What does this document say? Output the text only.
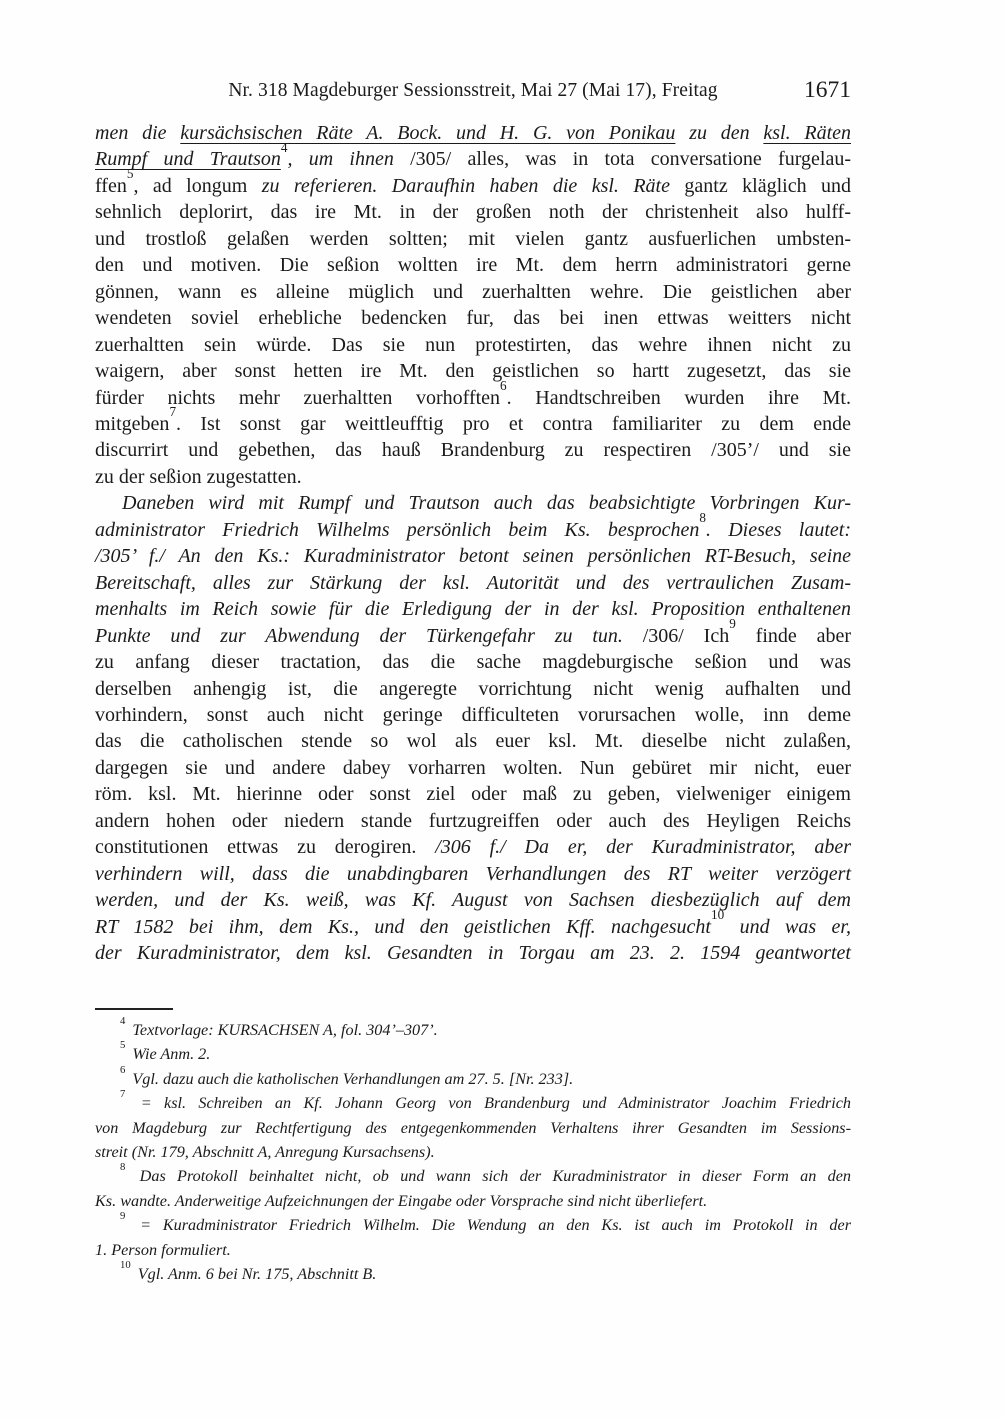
Nr. 318 Magdeburger Sessionsstreit, Mai 27 (Mai 17), Freitag	1671
men die kursächsischen Räte A. Bock. und H. G. von Ponikau zu den ksl. Räten
Rumpf und Trautson$^4$, um ihnen /305/ alles, was in tota conversatione furgelau-
ffen$^5$, ad longum zu referieren. Daraufhin haben die ksl. Räte gantz kläglich und
sehnlich deplorirt, das ire Mt. in der großen noth der christenheit also hulff-
und trostloß gelaßen werden soltten; mit vielen gantz ausfuerlichen umbsten-
den und motiven. Die seßion woltten ire Mt. dem herrn administratori gerne
gönnen, wann es alleine müglich und zuerhaltten wehre. Die geistlichen aber
wendeten soviel erhebliche bedencken fur, das bei inen ettwas weitters nicht
zuerhaltten sein würde. Das sie nun protestirten, das wehre ihnen nicht zu
waigern, aber sonst hetten ire Mt. den geistlichen so hartt zugesetzt, das sie
fürder nichts mehr zuerhaltten vorhofften$^6$. Handtschreiben wurden ihre Mt.
mitgeben$^7$. Ist sonst gar weittleufftig pro et contra familiariter zu dem ende
discurrirt und gebethen, das hauß Brandenburg zu respectiren /305’/ und sie
zu der seßion zugestatten.
Daneben wird mit Rumpf und Trautson auch das beabsichtigte Vorbringen Kur-
administrator Friedrich Wilhelms persönlich beim Ks. besprochen$^8$. Dieses lautet:
/305’ f./ An den Ks.: Kuradministrator betont seinen persönlichen RT-Besuch, seine
Bereitschaft, alles zur Stärkung der ksl. Autorität und des vertraulichen Zusam-
menhalts im Reich sowie für die Erledigung der in der ksl. Proposition enthaltenen
Punkte und zur Abwendung der Türkengefahr zu tun. /306/ Ich$^9$ finde aber
zu anfang dieser tractation, das die sache magdeburgische seßion und was
derselben anhengig ist, die angeregte vorrichtung nicht wenig aufhalten und
vorhindern, sonst auch nicht geringe difficulteten vorursachen wolle, inn deme
das die catholischen stende so wol als euer ksl. Mt. dieselbe nicht zulaßen,
dargegen sie und andere dabey vorharren wolten. Nun gebüret mir nicht, euer
röm. ksl. Mt. hierinne oder sonst ziel oder maß zu geben, vielweniger einigem
andern hohen oder niedern stande furtzugreiffen oder auch des Heyligen Reichs
constitutionen ettwas zu derogiren. /306 f./ Da er, der Kuradministrator, aber
verhindern will, dass die unabdingbaren Verhandlungen des RT weiter verzögert
werden, und der Ks. weiß, was Kf. August von Sachsen diesbezüglich auf dem
RT 1582 bei ihm, dem Ks., und den geistlichen Kff. nachgesucht$^{10}$ und was er,
der Kuradministrator, dem ksl. Gesandten in Torgau am 23. 2. 1594 geantwortet
$^4$ Textvorlage: KURSACHSEN A, fol. 304’–307’.
$^5$ Wie Anm. 2.
$^6$ Vgl. dazu auch die katholischen Verhandlungen am 27. 5. [Nr. 233].
$^7$ = ksl. Schreiben an Kf. Johann Georg von Brandenburg und Administrator Joachim Friedrich
von Magdeburg zur Rechtfertigung des entgegenkommenden Verhaltens ihrer Gesandten im Sessions-
streit (Nr. 179, Abschnitt A, Anregung Kursachsens).
$^8$ Das Protokoll beinhaltet nicht, ob und wann sich der Kuradministrator in dieser Form an den
Ks. wandte. Anderweitige Aufzeichnungen der Eingabe oder Vorsprache sind nicht überliefert.
$^9$ = Kuradministrator Friedrich Wilhelm. Die Wendung an den Ks. ist auch im Protokoll in der
1. Person formuliert.
$^{10}$ Vgl. Anm. 6 bei Nr. 175, Abschnitt B.
